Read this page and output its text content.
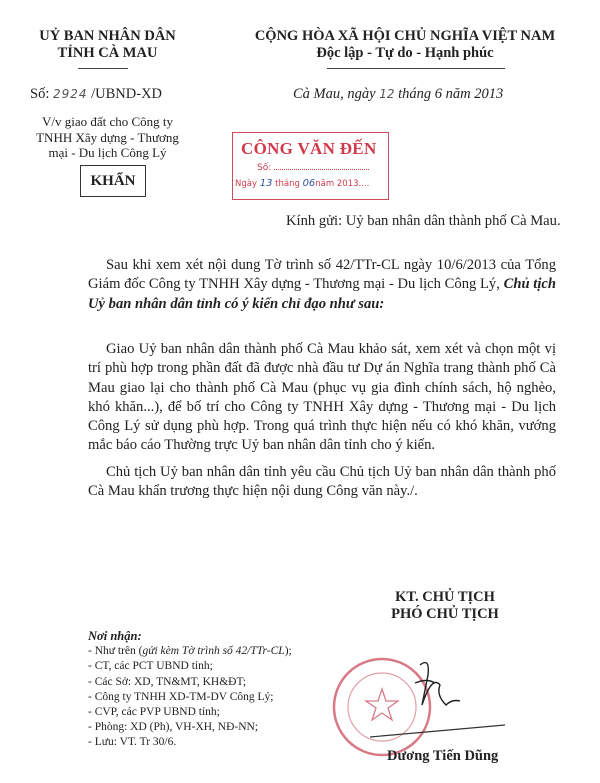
UỶ BAN NHÂN DÂN
TỈNH CÀ MAU
Số: 2924 /UBND-XD
V/v giao đất cho Công ty
TNHH Xây dựng - Thương
mại - Du lịch Công Lý
KHẨN
CỘNG HÒA XÃ HỘI CHỦ NGHĨA VIỆT NAM
Độc lập - Tự do - Hạnh phúc
Cà Mau, ngày 12 tháng 6 năm 2013
CÔNG VĂN ĐẾN
Số:
Ngày 13 tháng 06năm 2013....
Kính gửi: Uỷ ban nhân dân thành phố Cà Mau.
Sau khi xem xét nội dung Tờ trình số 42/TTr-CL ngày 10/6/2013 của Tổng Giám đốc Công ty TNHH Xây dựng - Thương mại - Du lịch Công Lý, Chủ tịch Uỷ ban nhân dân tỉnh có ý kiến chỉ đạo như sau:
Giao Uỷ ban nhân dân thành phố Cà Mau khảo sát, xem xét và chọn một vị trí phù hợp trong phần đất đã được nhà đầu tư Dự án Nghĩa trang thành phố Cà Mau giao lại cho thành phố Cà Mau (phục vụ gia đình chính sách, hộ nghèo, khó khăn...), để bố trí cho Công ty TNHH Xây dựng - Thương mại - Du lịch Công Lý sử dụng phù hợp. Trong quá trình thực hiện nếu có khó khăn, vướng mắc báo cáo Thường trực Uỷ ban nhân dân tỉnh cho ý kiến.
Chủ tịch Uỷ ban nhân dân tỉnh yêu cầu Chủ tịch Uỷ ban nhân dân thành phố Cà Mau khẩn trương thực hiện nội dung Công văn này./.
KT. CHỦ TỊCH
PHÓ CHỦ TỊCH
Dương Tiến Dũng
Nơi nhận:
- Như trên (gửi kèm Tờ trình số 42/TTr-CL);
- CT, các PCT UBND tỉnh;
- Các Sở: XD, TN&MT, KH&ĐT;
- Công ty TNHH XD-TM-DV Công Lý;
- CVP, các PVP UBND tỉnh;
- Phòng: XD (Ph), VH-XH, NĐ-NN;
- Lưu: VT. Tr 30/6.
